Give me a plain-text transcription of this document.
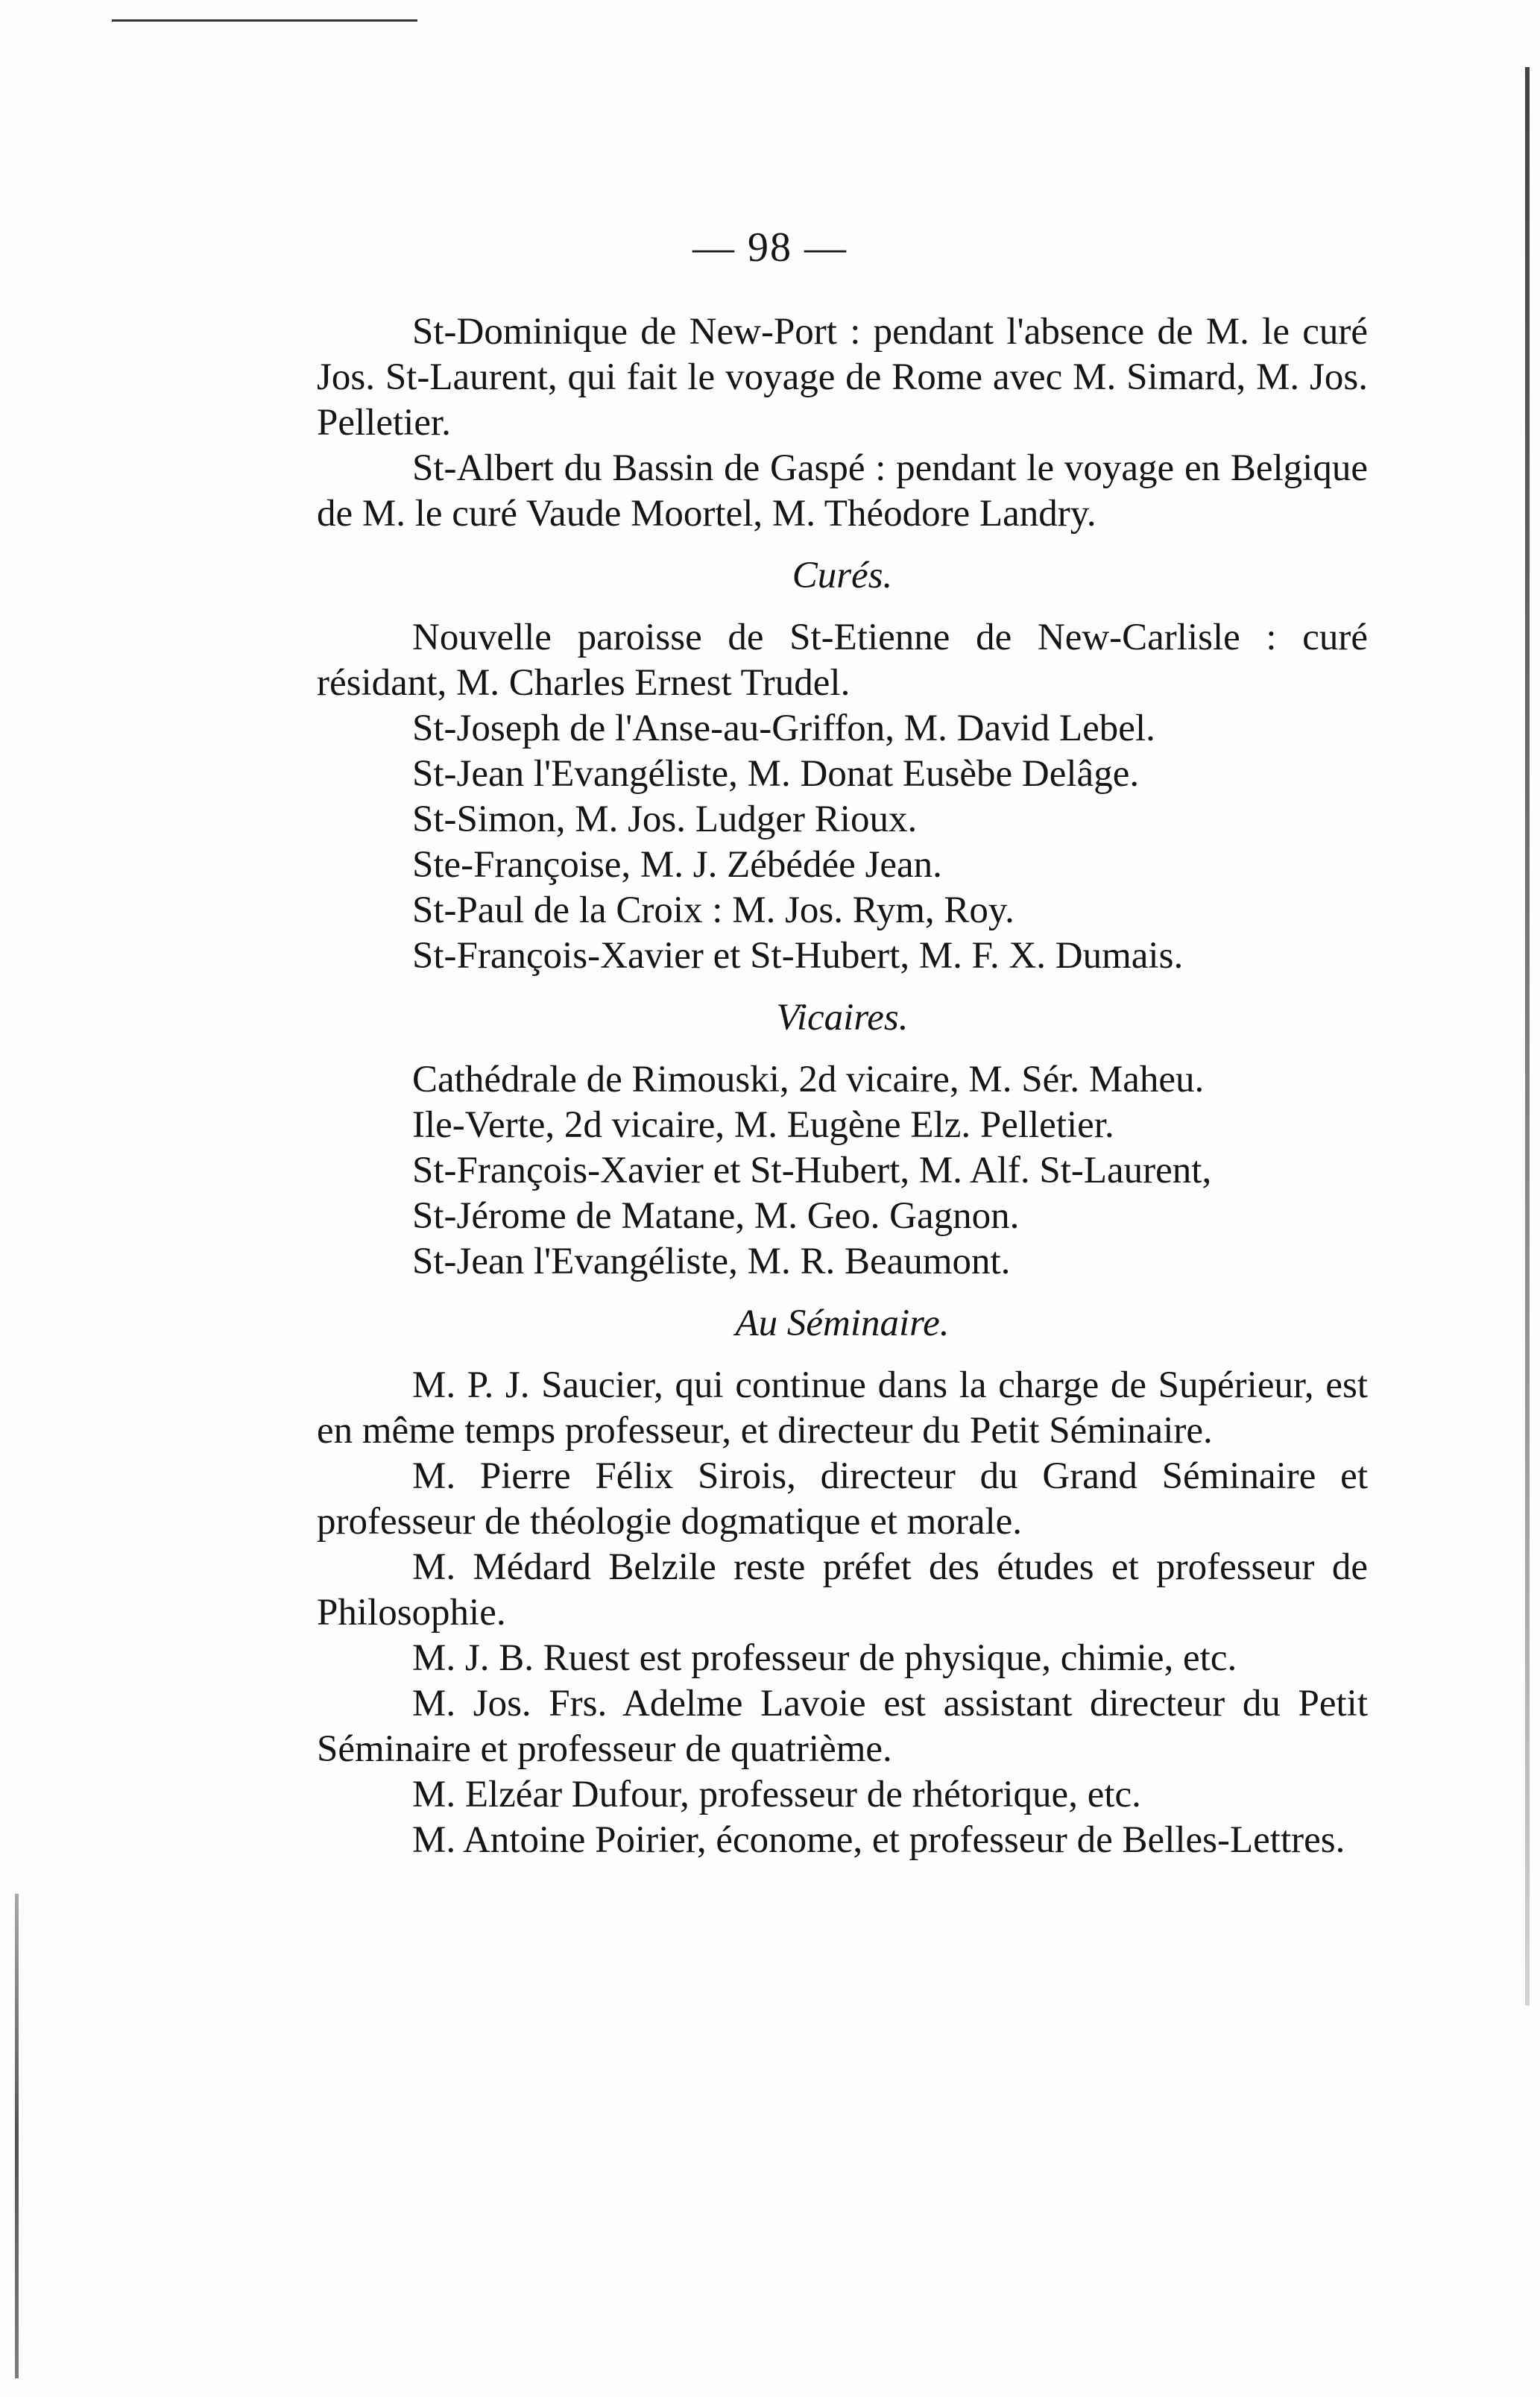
— 98 —

St-Dominique de New-Port : pendant l'absence de M. le curé Jos. St-Laurent, qui fait le voyage de Rome avec M. Simard, M. Jos. Pelletier.

St-Albert du Bassin de Gaspé : pendant le voyage en Belgique de M. le curé Vaude Moortel, M. Théodore Landry.

Curés.

Nouvelle paroisse de St-Etienne de New-Carlisle : curé résidant, M. Charles Ernest Trudel.

St-Joseph de l'Anse-au-Griffon, M. David Lebel.

St-Jean l'Evangéliste, M. Donat Eusèbe Delâge.

St-Simon, M. Jos. Ludger Rioux.

Ste-Françoise, M. J. Zébédée Jean.

St-Paul de la Croix : M. Jos. Rym, Roy.

St-François-Xavier et St-Hubert, M. F. X. Dumais.

Vicaires.

Cathédrale de Rimouski, 2d vicaire, M. Sér. Maheu.

Ile-Verte, 2d vicaire, M. Eugène Elz. Pelletier.

St-François-Xavier et St-Hubert, M. Alf. St-Laurent,

St-Jérome de Matane, M. Geo. Gagnon.

St-Jean l'Evangéliste, M. R. Beaumont.

Au Séminaire.

M. P. J. Saucier, qui continue dans la charge de Supérieur, est en même temps professeur, et directeur du Petit Séminaire.

M. Pierre Félix Sirois, directeur du Grand Séminaire et professeur de théologie dogmatique et morale.

M. Médard Belzile reste préfet des études et professeur de Philosophie.

M. J. B. Ruest est professeur de physique, chimie, etc.

M. Jos. Frs. Adelme Lavoie est assistant directeur du Petit Séminaire et professeur de quatrième.

M. Elzéar Dufour, professeur de rhétorique, etc.

M. Antoine Poirier, économe, et professeur de Belles-Lettres.
